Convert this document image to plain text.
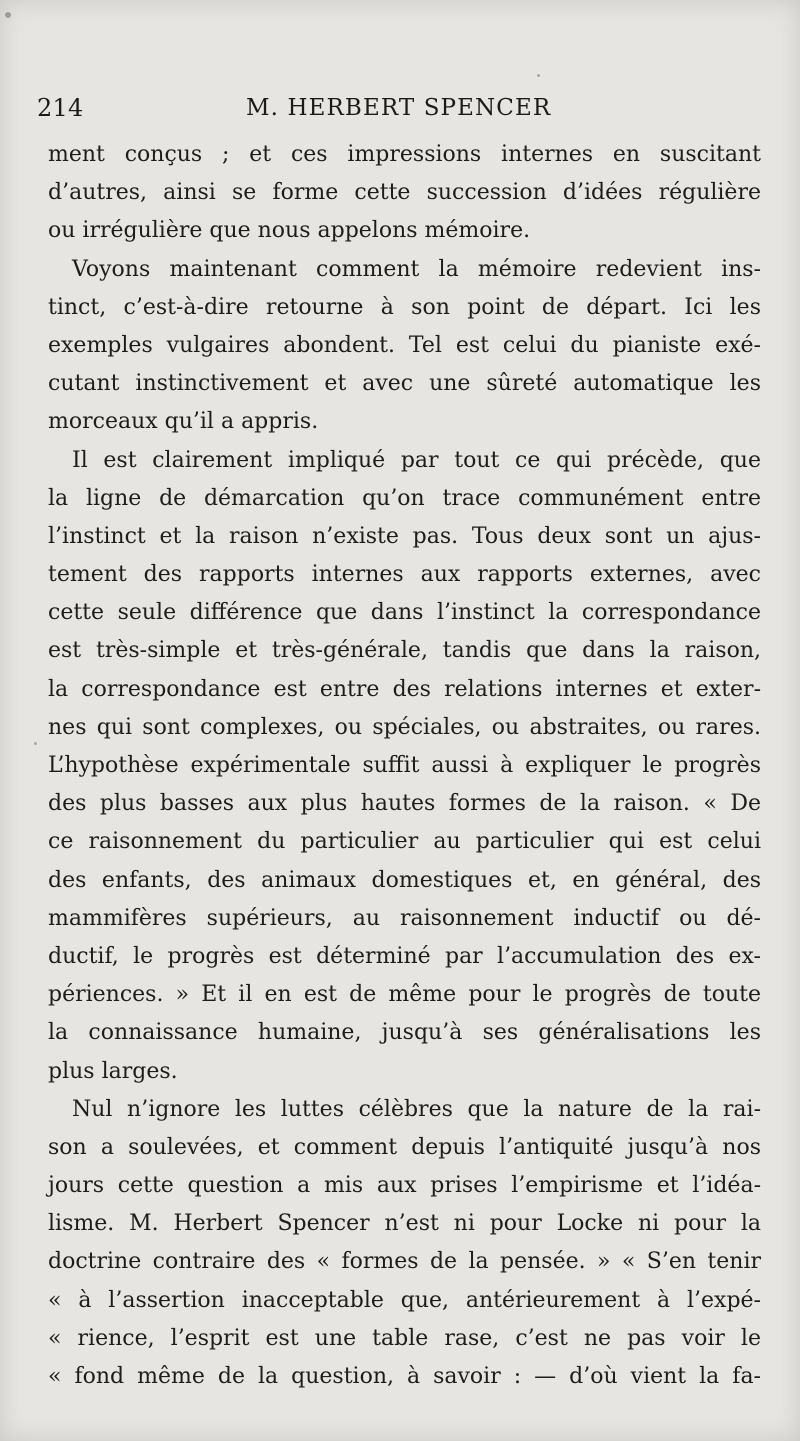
214	M. HERBERT SPENCER
ment conçus ; et ces impressions internes en suscitant
d’autres, ainsi se forme cette succession d’idées régulière
ou irrégulière que nous appelons mémoire.
Voyons maintenant comment la mémoire redevient ins-
tinct, c’est-à-dire retourne à son point de départ. Ici les
exemples vulgaires abondent. Tel est celui du pianiste exé-
cutant instinctivement et avec une sûreté automatique les
morceaux qu’il a appris.
Il est clairement impliqué par tout ce qui précède, que
la ligne de démarcation qu’on trace communément entre
l’instinct et la raison n’existe pas. Tous deux sont un ajus-
tement des rapports internes aux rapports externes, avec
cette seule différence que dans l’instinct la correspondance
est très-simple et très-générale, tandis que dans la raison,
la correspondance est entre des relations internes et exter-
nes qui sont complexes, ou spéciales, ou abstraites, ou rares.
L’hypothèse expérimentale suffit aussi à expliquer le progrès
des plus basses aux plus hautes formes de la raison. « De
ce raisonnement du particulier au particulier qui est celui
des enfants, des animaux domestiques et, en général, des
mammifères supérieurs, au raisonnement inductif ou dé-
ductif, le progrès est déterminé par l’accumulation des ex-
périences. » Et il en est de même pour le progrès de toute
la connaissance humaine, jusqu’à ses généralisations les
plus larges.
Nul n’ignore les luttes célèbres que la nature de la rai-
son a soulevées, et comment depuis l’antiquité jusqu’à nos
jours cette question a mis aux prises l’empirisme et l’idéa-
lisme. M. Herbert Spencer n’est ni pour Locke ni pour la
doctrine contraire des « formes de la pensée. » « S’en tenir
« à l’assertion inacceptable que, antérieurement à l’expé-
« rience, l’esprit est une table rase, c’est ne pas voir le
« fond même de la question, à savoir : — d’où vient la fa-
